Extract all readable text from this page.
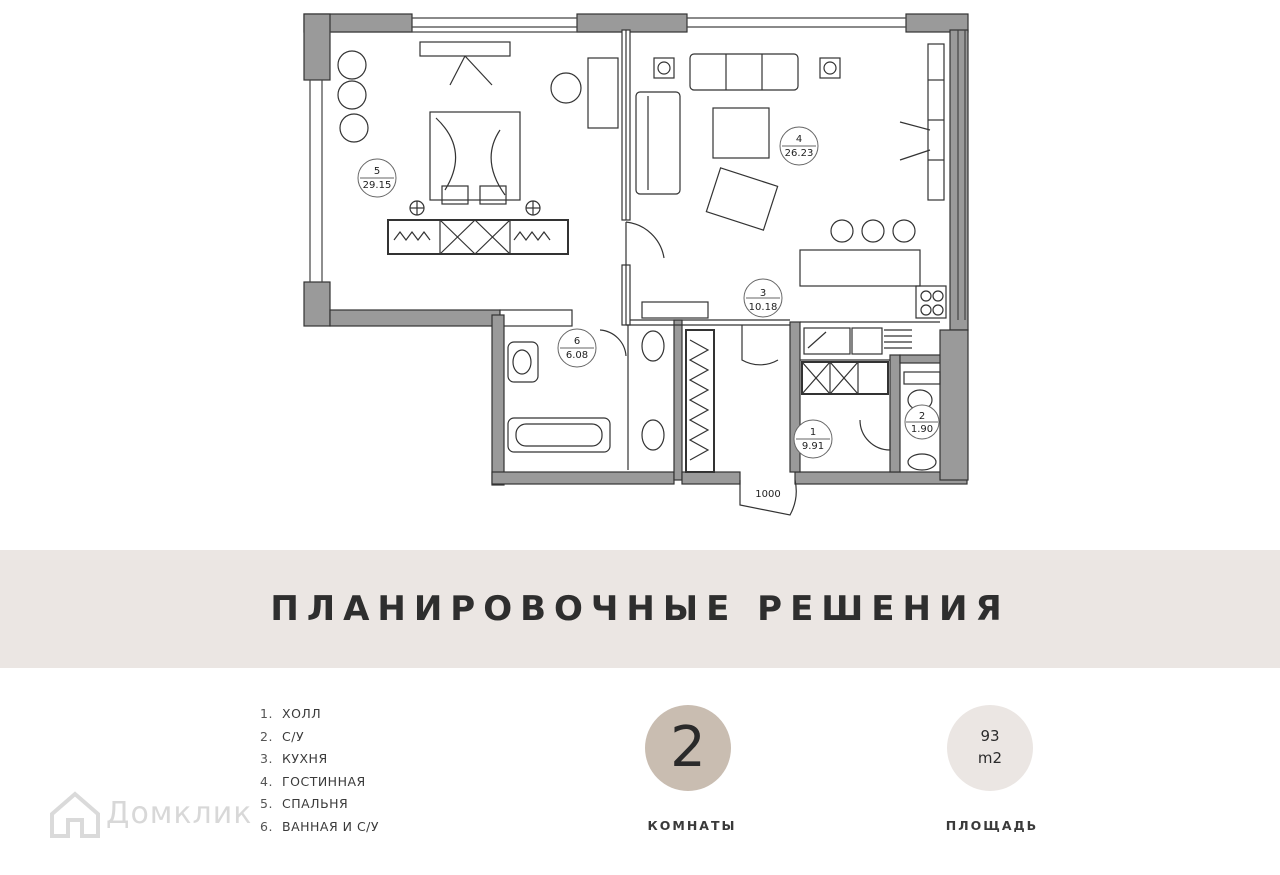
5
29.15
4
26.23
3
10.18
6
6.08
1
9.91
2
1.90
1000
ПЛАНИРОВОЧНЫЕ РЕШЕНИЯ
1. ХОЛЛ
2. С/У
3. КУХНЯ
4. ГОСТИННАЯ
5. СПАЛЬНЯ
6. ВАННАЯ И С/У
2
КОМНАТЫ
93
m2
ПЛОЩАДЬ
Домклик
